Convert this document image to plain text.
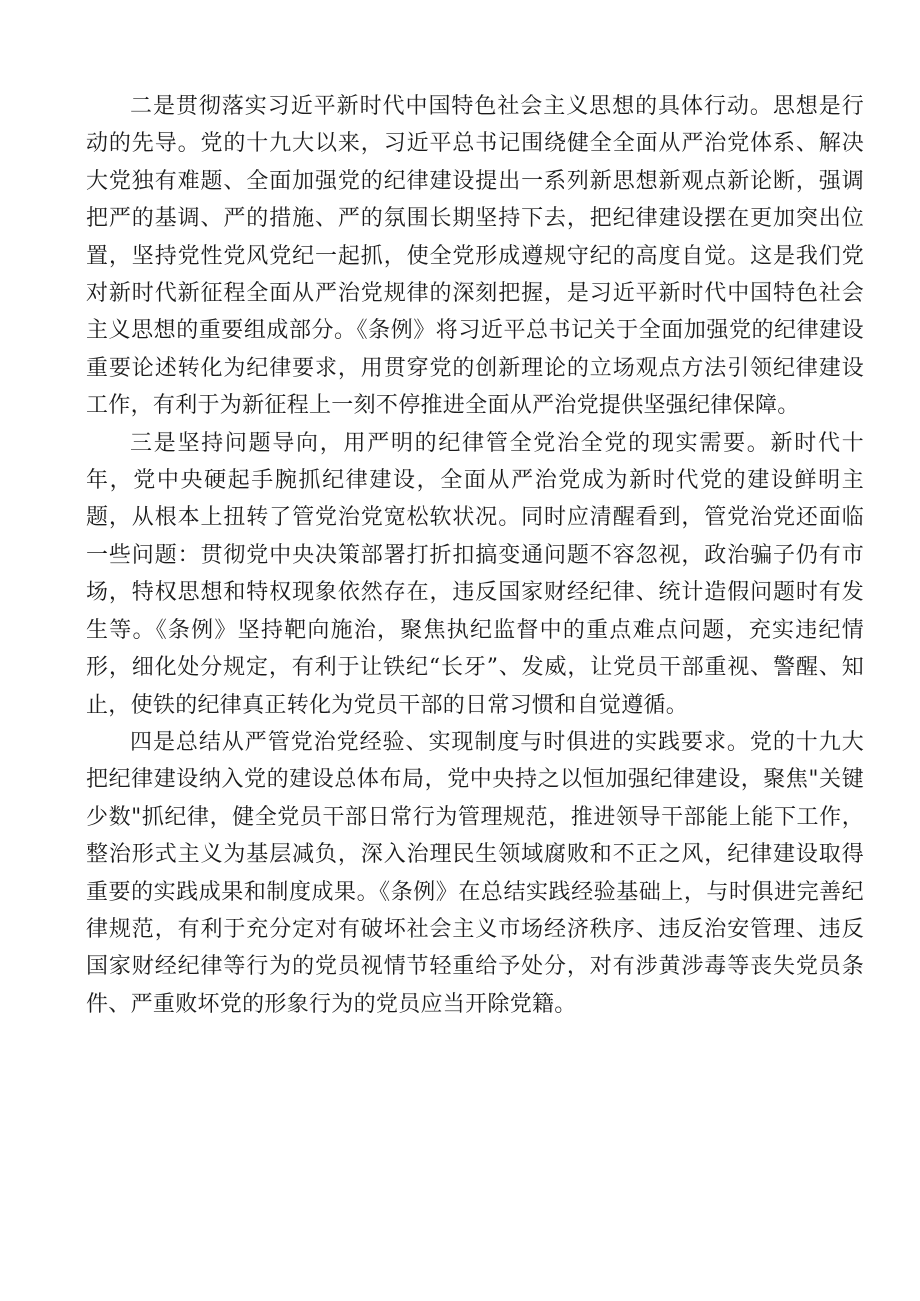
二是贯彻落实习近平新时代中国特色社会主义思想的具体行动。思想是行动的先导。党的十九大以来，习近平总书记围绕健全全面从严治党体系、解决大党独有难题、全面加强党的纪律建设提出一系列新思想新观点新论断，强调把严的基调、严的措施、严的氛围长期坚持下去，把纪律建设摆在更加突出位置，坚持党性党风党纪一起抓，使全党形成遵规守纪的高度自觉。这是我们党对新时代新征程全面从严治党规律的深刻把握，是习近平新时代中国特色社会主义思想的重要组成部分。《条例》将习近平总书记关于全面加强党的纪律建设重要论述转化为纪律要求，用贯穿党的创新理论的立场观点方法引领纪律建设工作，有利于为新征程上一刻不停推进全面从严治党提供坚强纪律保障。

三是坚持问题导向，用严明的纪律管全党治全党的现实需要。新时代十年，党中央硬起手腕抓纪律建设，全面从严治党成为新时代党的建设鲜明主题，从根本上扭转了管党治党宽松软状况。同时应清醒看到，管党治党还面临一些问题：贯彻党中央决策部署打折扣搞变通问题不容忽视，政治骗子仍有市场，特权思想和特权现象依然存在，违反国家财经纪律、统计造假问题时有发生等。《条例》坚持靶向施治，聚焦执纪监督中的重点难点问题，充实违纪情形，细化处分规定，有利于让铁纪“长牙”、发威，让党员干部重视、警醒、知止，使铁的纪律真正转化为党员干部的日常习惯和自觉遵循。

四是总结从严管党治党经验、实现制度与时俱进的实践要求。党的十九大把纪律建设纳入党的建设总体布局，党中央持之以恒加强纪律建设，聚焦"关键少数"抓纪律，健全党员干部日常行为管理规范，推进领导干部能上能下工作，整治形式主义为基层减负，深入治理民生领域腐败和不正之风，纪律建设取得重要的实践成果和制度成果。《条例》在总结实践经验基础上，与时俱进完善纪律规范，有利于充分定对有破坏社会主义市场经济秩序、违反治安管理、违反国家财经纪律等行为的党员视情节轻重给予处分，对有涉黄涉毒等丧失党员条件、严重败坏党的形象行为的党员应当开除党籍。
